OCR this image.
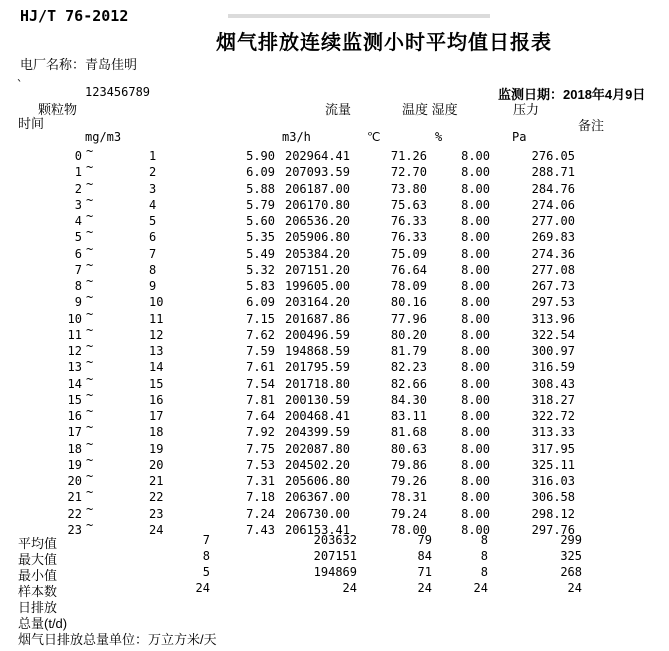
HJ/T 76-2012
烟气排放连续监测小时平均值日报表
电厂名称：青岛佳明
`	123456789	监测日期：2018年4月9日
颗粒物	流量	温度 湿度	压力
时间	备注
mg/m3	m3/h	℃	%	Pa
0 ~	1	5.90 202964.41	71.26	8.00	276.05
1 ~	2	6.09 207093.59	72.70	8.00	288.71
2 ~	3	5.88 206187.00	73.80	8.00	284.76
3 ~	4	5.79 206170.80	75.63	8.00	274.06
4 ~	5	5.60 206536.20	76.33	8.00	277.00
5 ~	6	5.35 205906.80	76.33	8.00	269.83
6 ~	7	5.49 205384.20	75.09	8.00	274.36
7 ~	8	5.32 207151.20	76.64	8.00	277.08
8 ~	9	5.83 199605.00	78.09	8.00	267.73
9 ~	10	6.09 203164.20	80.16	8.00	297.53
10 ~	11	7.15 201687.86	77.96	8.00	313.96
11 ~	12	7.62 200496.59	80.20	8.00	322.54
12 ~	13	7.59 194868.59	81.79	8.00	300.97
13 ~	14	7.61 201795.59	82.23	8.00	316.59
14 ~	15	7.54 201718.80	82.66	8.00	308.43
15 ~	16	7.81 200130.59	84.30	8.00	318.27
16 ~	17	7.64 200468.41	83.11	8.00	322.72
17 ~	18	7.92 204399.59	81.68	8.00	313.33
18 ~	19	7.75 202087.80	80.63	8.00	317.95
19 ~	20	7.53 204502.20	79.86	8.00	325.11
20 ~	21	7.31 205606.80	79.26	8.00	316.03
21 ~	22	7.18 206367.00	78.31	8.00	306.58
22 ~	23	7.24 206730.00	79.24	8.00	298.12
23 ~	24	7.43 206153.41	78.00	8.00	297.76
平均值	7	203632	79	8	299
最大值	8	207151	84	8	325
最小值	5	194869	71	8	268
样本数	24	24	24	24	24
日排放
总量(t/d)
烟气日排放总量单位：万立方米/天
